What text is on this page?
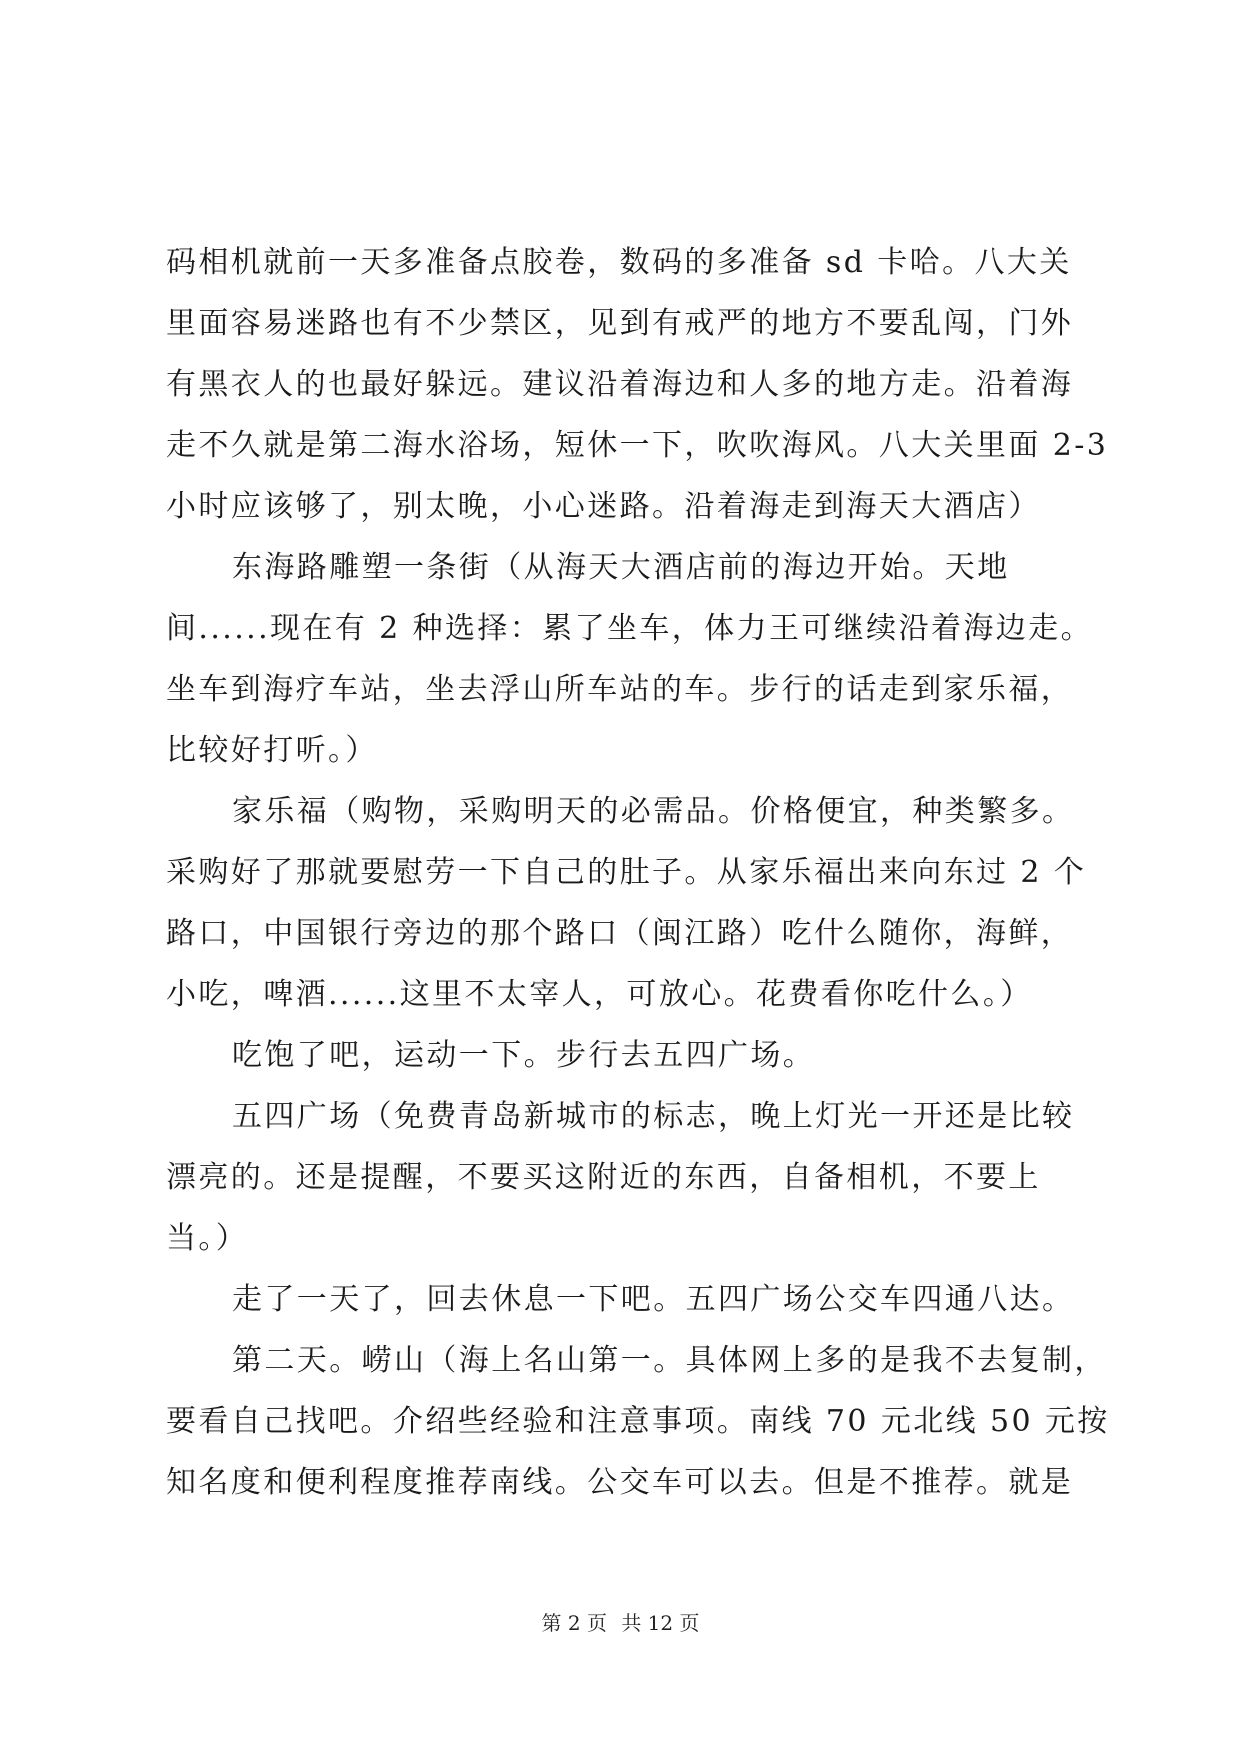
码相机就前一天多准备点胶卷，数码的多准备 sd 卡哈。八大关
里面容易迷路也有不少禁区，见到有戒严的地方不要乱闯，门外
有黑衣人的也最好躲远。建议沿着海边和人多的地方走。沿着海
走不久就是第二海水浴场，短休一下，吹吹海风。八大关里面 2-3
小时应该够了，别太晚，小心迷路。沿着海走到海天大酒店）
东海路雕塑一条街（从海天大酒店前的海边开始。天地
间......现在有 2 种选择：累了坐车，体力王可继续沿着海边走。
坐车到海疗车站，坐去浮山所车站的车。步行的话走到家乐福，
比较好打听。）
家乐福（购物，采购明天的必需品。价格便宜，种类繁多。
采购好了那就要慰劳一下自己的肚子。从家乐福出来向东过 2 个
路口，中国银行旁边的那个路口（闽江路）吃什么随你，海鲜，
小吃，啤酒......这里不太宰人，可放心。花费看你吃什么。）
吃饱了吧，运动一下。步行去五四广场。
五四广场（免费青岛新城市的标志，晚上灯光一开还是比较
漂亮的。还是提醒，不要买这附近的东西，自备相机，不要上
当。）
走了一天了，回去休息一下吧。五四广场公交车四通八达。
第二天。崂山（海上名山第一。具体网上多的是我不去复制，
要看自己找吧。介绍些经验和注意事项。南线 70 元北线 50 元按
知名度和便利程度推荐南线。公交车可以去。但是不推荐。就是
第 2 页 共 12 页
